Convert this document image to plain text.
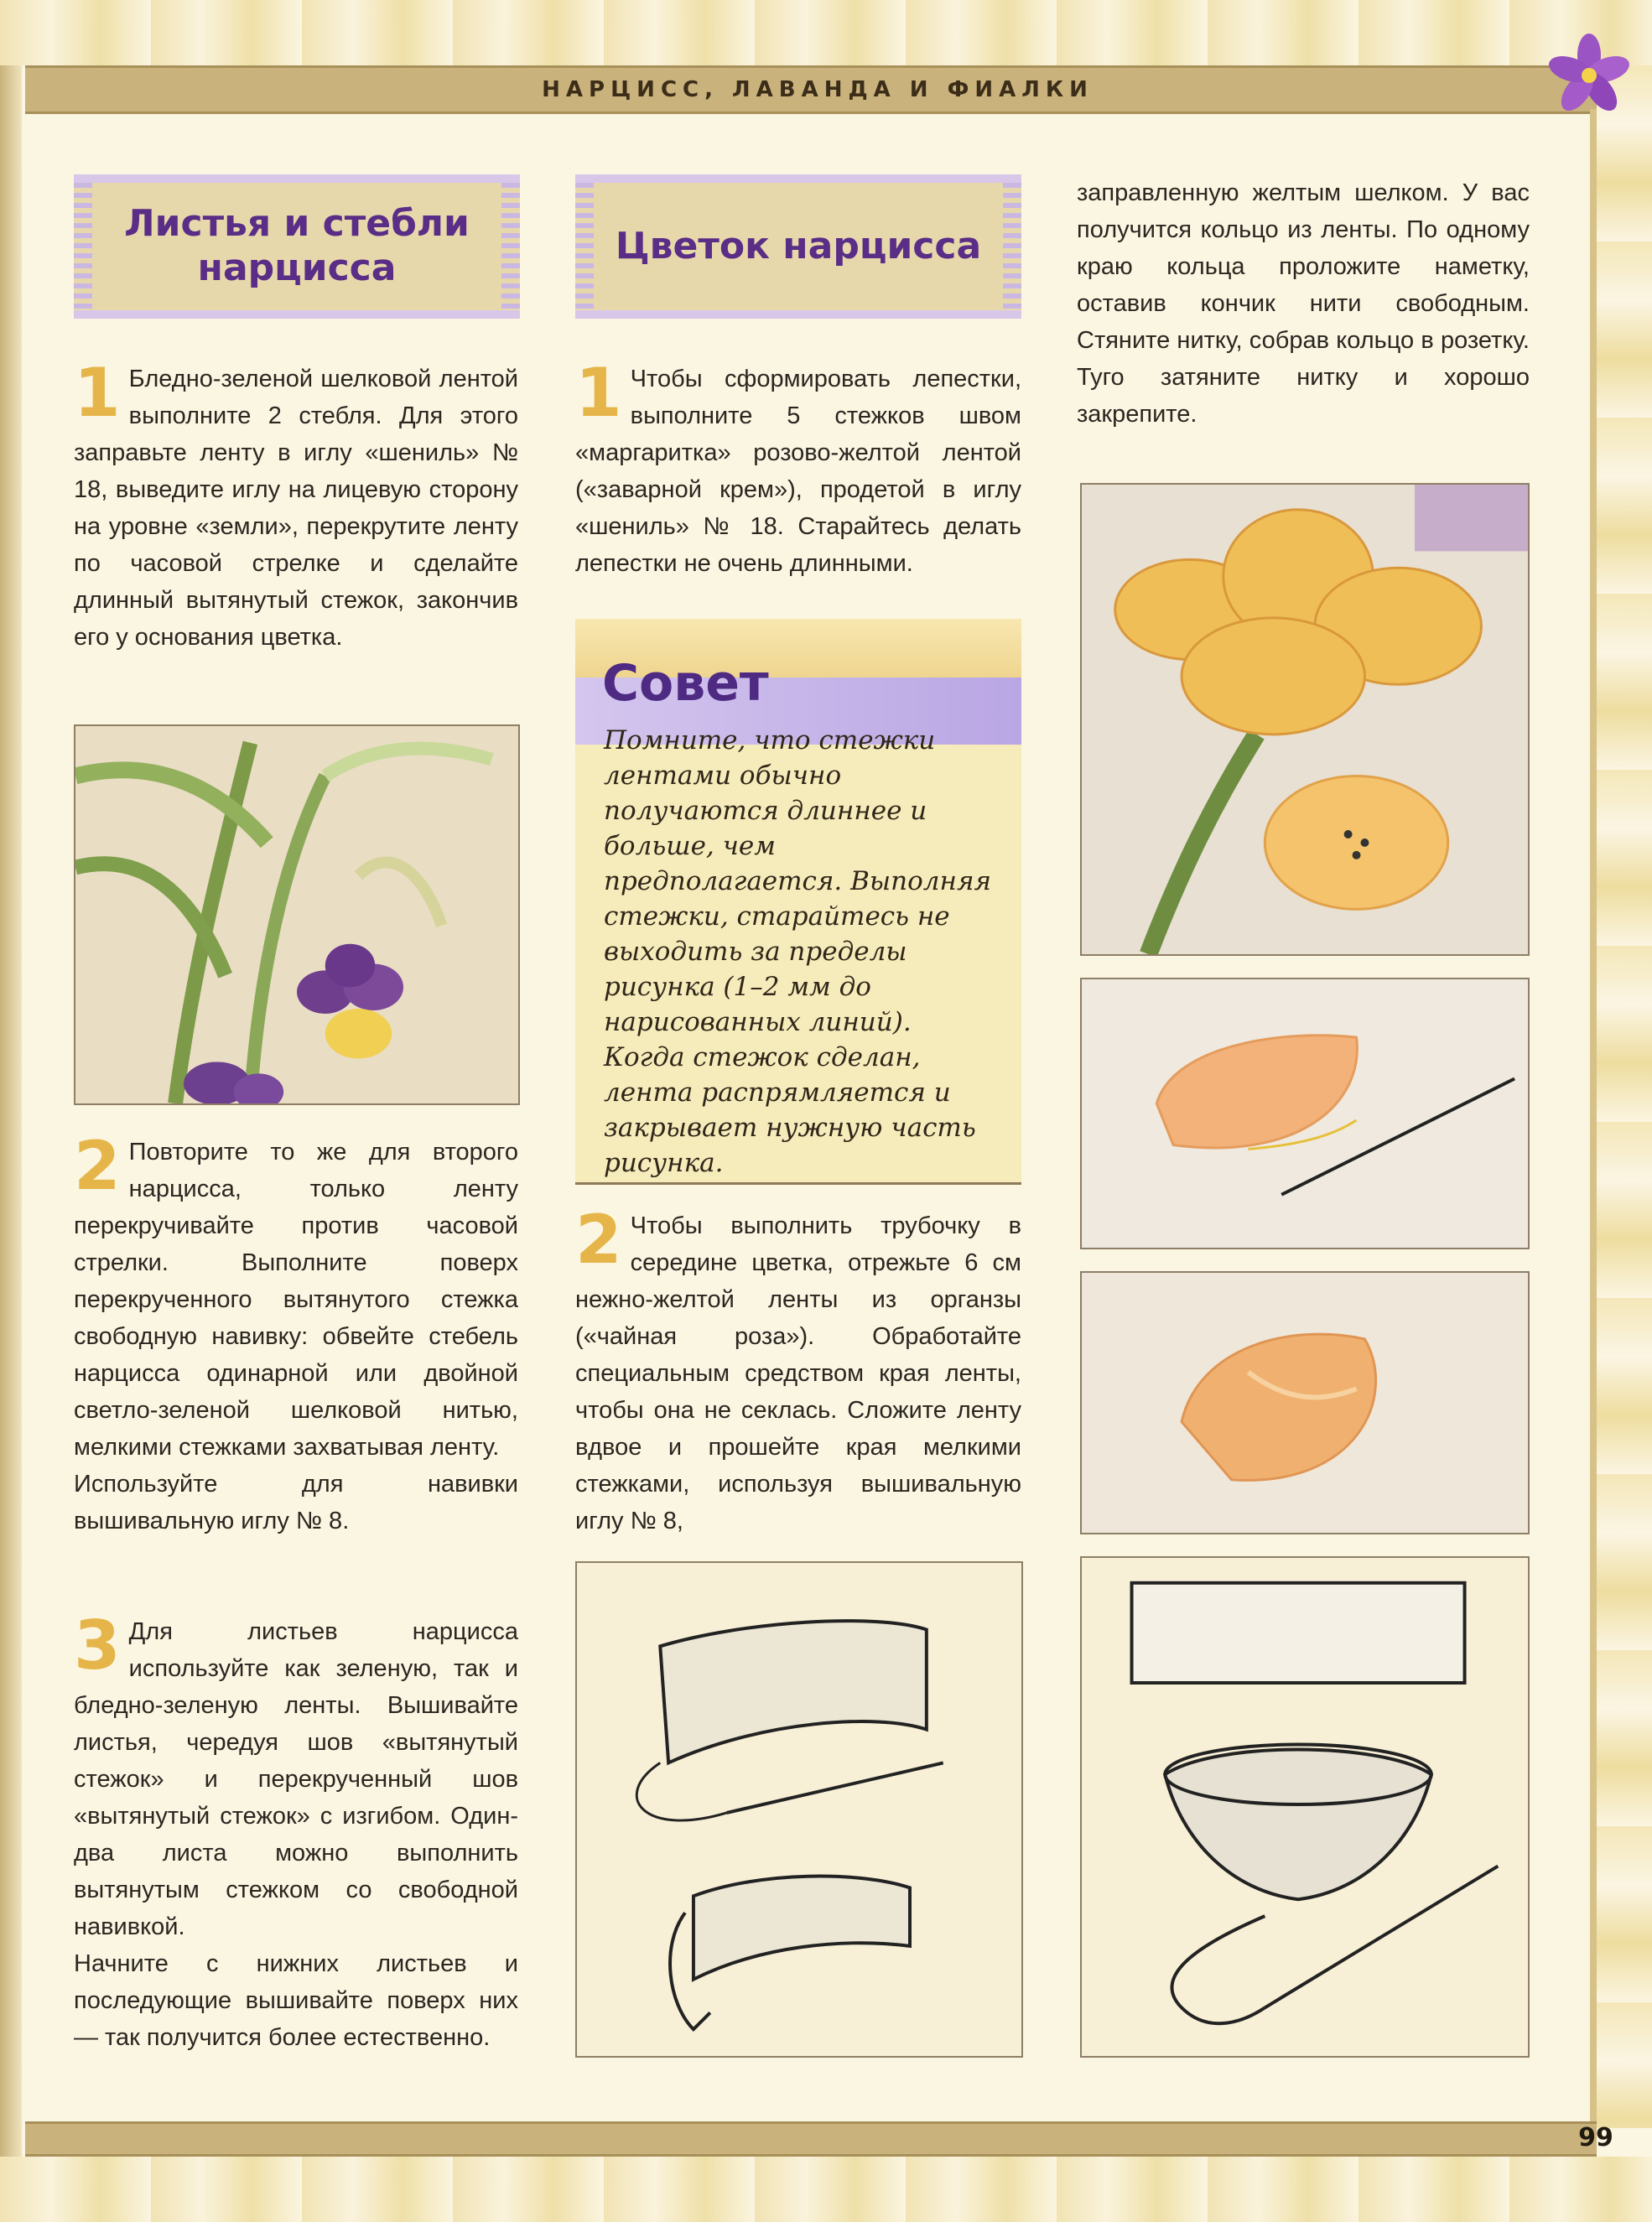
НАРЦИСС, ЛАВАНДА И ФИАЛКИ
Листья и стебли
нарцисса
Цветок нарцисса

1 Бледно-зеленой шелковой лентой выполните 2 стебля. Для этого заправьте ленту в иглу «шениль» № 18, выведите иглу на лицевую сторону на уровне «земли», перекрутите ленту по часовой стрелке и сделайте длинный вытянутый стежок, закончив его у основания цветка.

2 Повторите то же для второго нарцисса, только ленту перекручивайте против часовой стрелки. Выполните поверх перекрученного вытянутого стежка свободную навивку: обвейте стебель нарцисса одинарной или двойной светло-зеленой шелковой нитью, мелкими стежками захватывая ленту.
Используйте для навивки вышивальную иглу № 8.

3 Для листьев нарцисса используйте как зеленую, так и бледно-зеленую ленты. Вышивайте листья, чередуя шов «вытянутый стежок» и перекрученный шов «вытянутый стежок» с изгибом. Один-два листа можно выполнить вытянутым стежком со свободной навивкой.
Начните с нижних листьев и последующие вышивайте поверх них — так получится более естественно.

1 Чтобы сформировать лепестки, выполните 5 стежков швом «маргаритка» розово-желтой лентой («заварной крем»), продетой в иглу «шениль» № 18. Старайтесь делать лепестки не очень длинными.

Совет

Помните, что стежки лентами обычно получаются длиннее и больше, чем предполагается. Выполняя стежки, старайтесь не выходить за пределы рисунка (1–2 мм до нарисованных линий). Когда стежок сделан, лента распрямляется и закрывает нужную часть рисунка.

2 Чтобы выполнить трубочку в середине цветка, отрежьте 6 см нежно-желтой ленты из органзы («чайная роза»). Обработайте специальным средством края ленты, чтобы она не секлась. Сложите ленту вдвое и прошейте края мелкими стежками, используя вышивальную иглу № 8,

заправленную желтым шелком. У вас получится кольцо из ленты. По одному краю кольца проложите наметку, оставив кончик нити свободным. Стяните нитку, собрав кольцо в розетку. Туго затяните нитку и хорошо закрепите.

99
